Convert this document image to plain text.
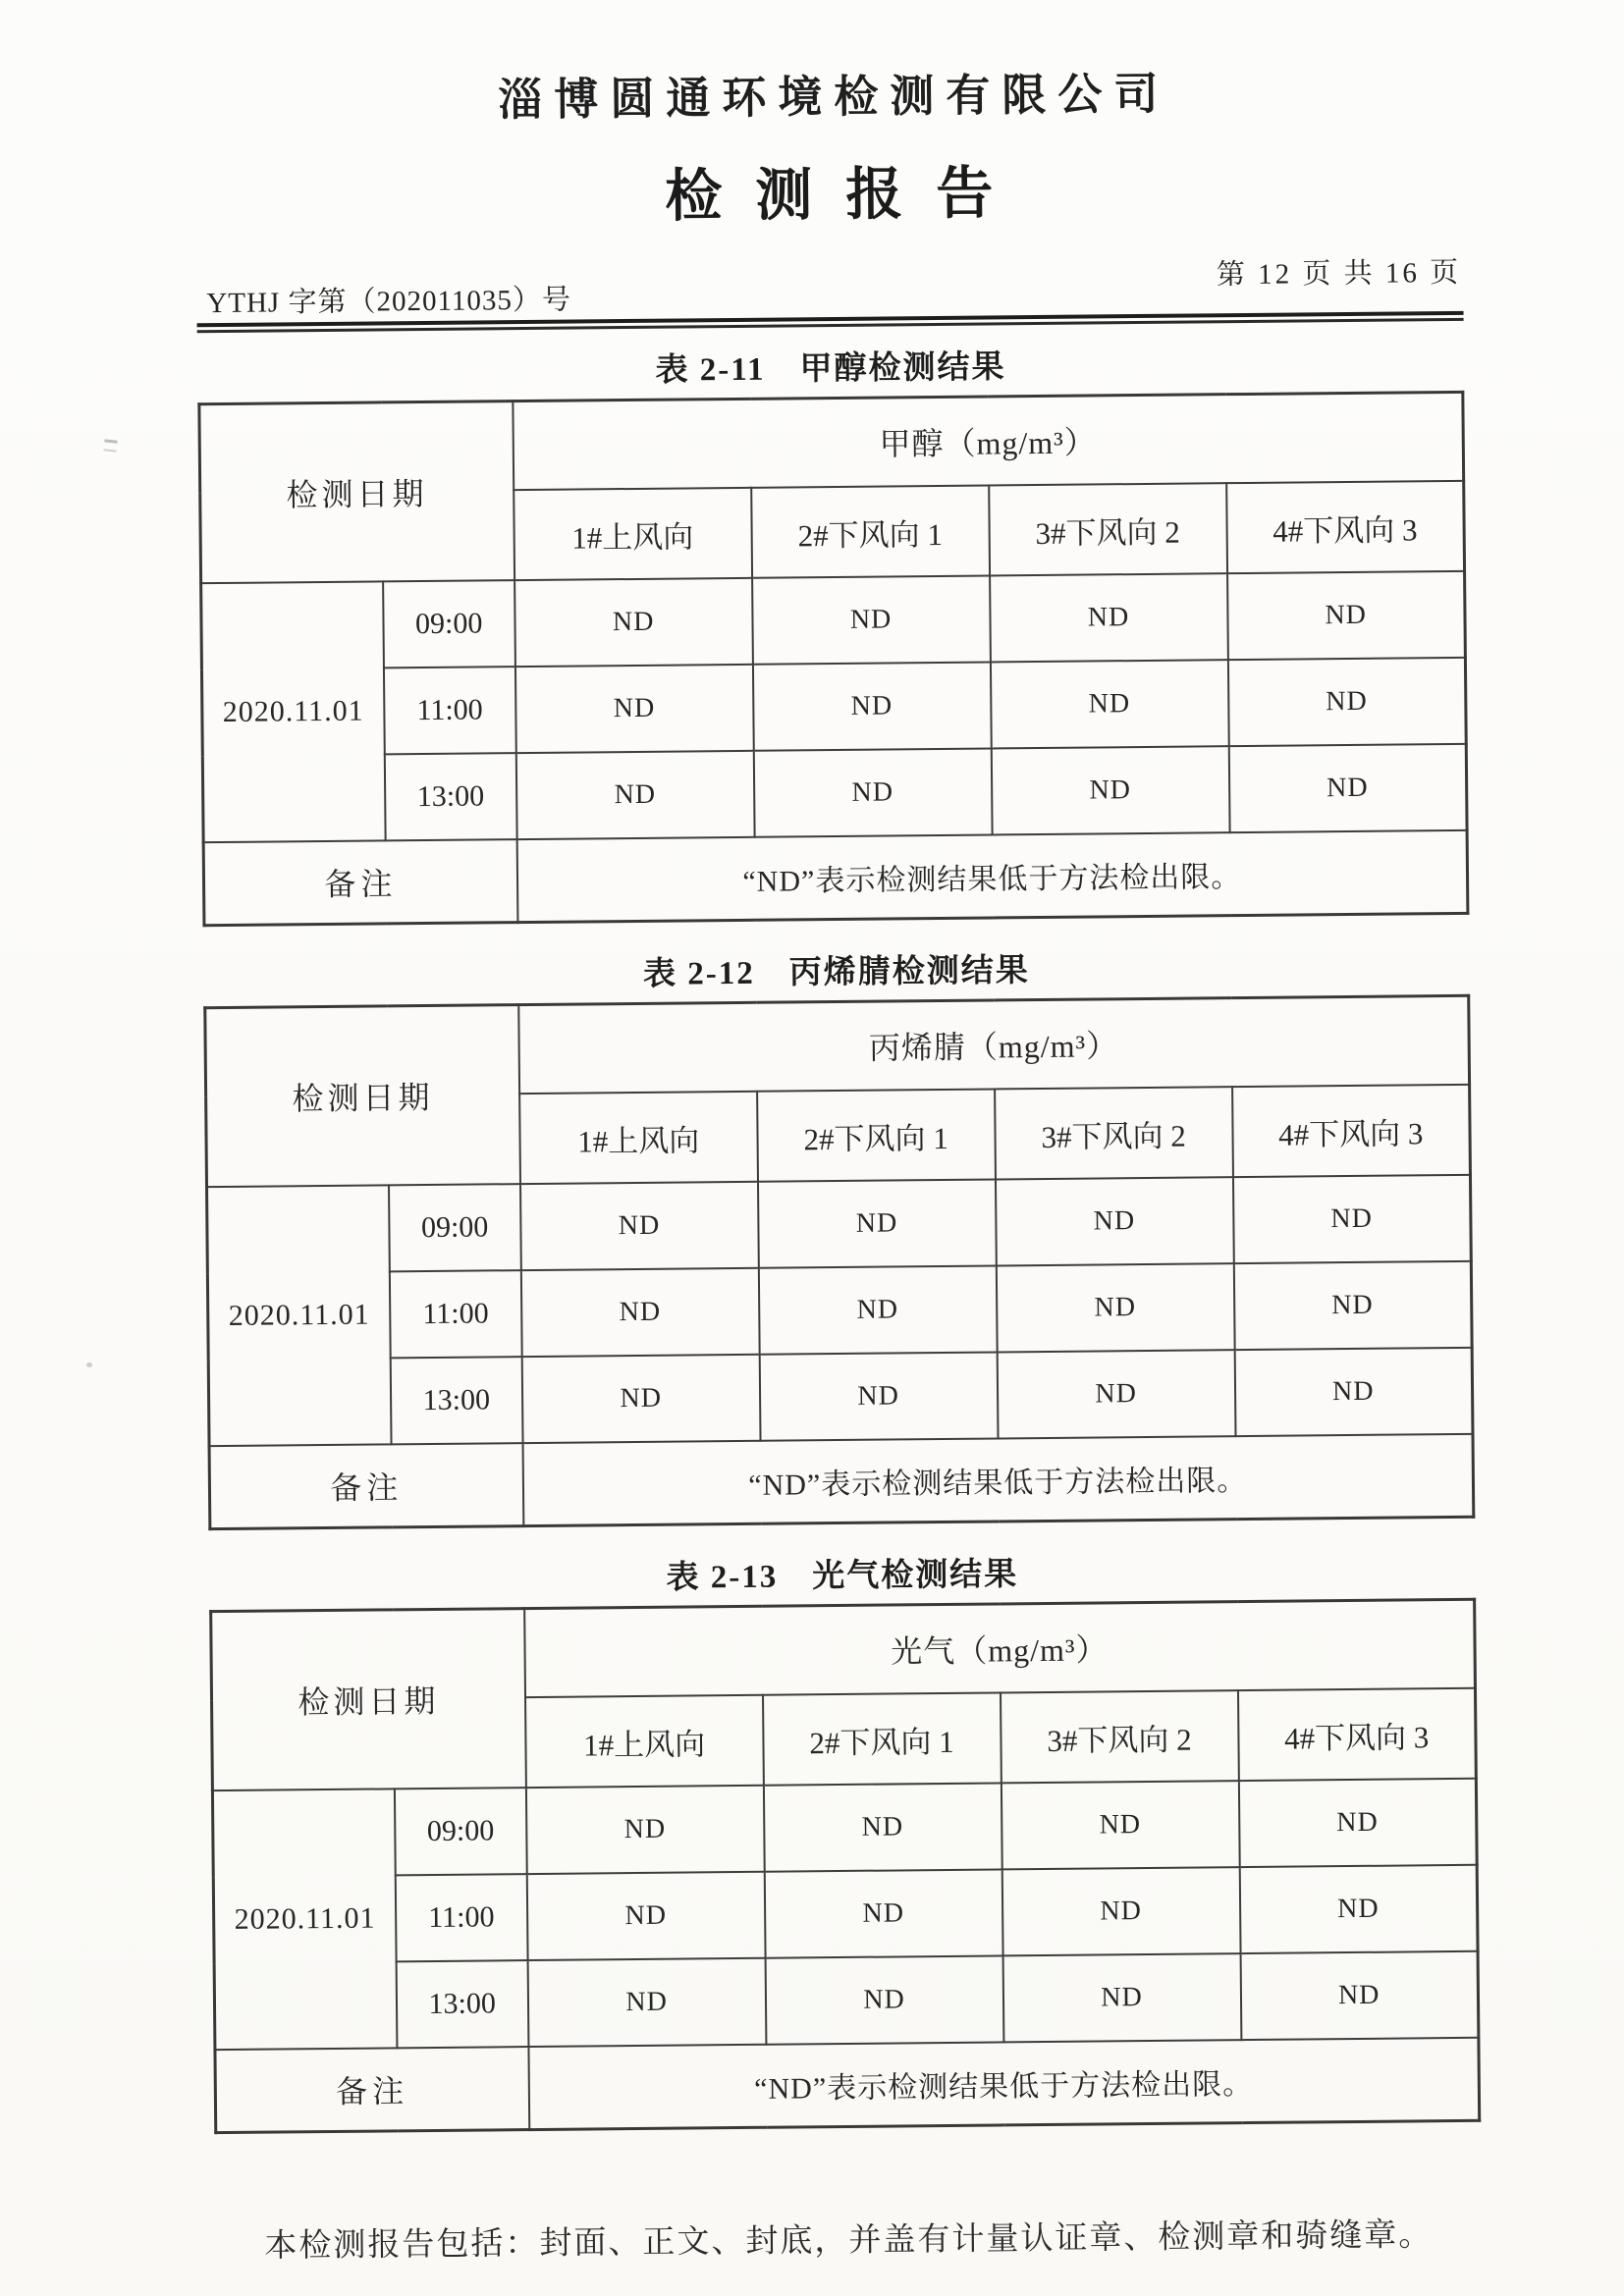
淄博圆通环境检测有限公司
检测报告
YTHJ 字第（202011035）号
第 12 页 共 16 页

表 2-11　甲醇检测结果

检测日期		甲醇（mg/m³）			
		1#上风向	2#下风向 1	3#下风向 2	4#下风向 3
2020.11.01	09:00	ND	ND	ND	ND
	11:00	ND	ND	ND	ND
	13:00	ND	ND	ND	ND
备注		“ND”表示检测结果低于方法检出限。			

表 2-12　丙烯腈检测结果

检测日期		丙烯腈（mg/m³）			
		1#上风向	2#下风向 1	3#下风向 2	4#下风向 3
2020.11.01	09:00	ND	ND	ND	ND
	11:00	ND	ND	ND	ND
	13:00	ND	ND	ND	ND
备注		“ND”表示检测结果低于方法检出限。			

表 2-13　光气检测结果

检测日期		光气（mg/m³）			
		1#上风向	2#下风向 1	3#下风向 2	4#下风向 3
2020.11.01	09:00	ND	ND	ND	ND
	11:00	ND	ND	ND	ND
	13:00	ND	ND	ND	ND
备注		“ND”表示检测结果低于方法检出限。			

本检测报告包括：封面、正文、封底，并盖有计量认证章、检测章和骑缝章。
